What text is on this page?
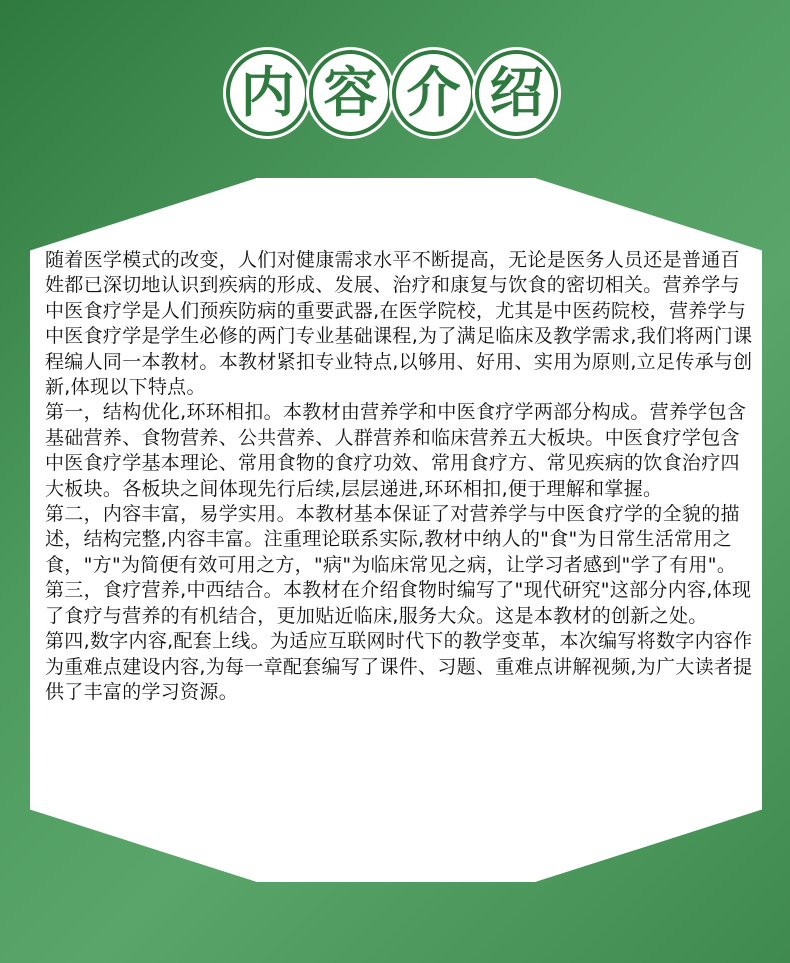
内 容 介 绍

随着医学模式的改变，人们对健康需求水平不断提高，无论是医务人员还是普通百姓都已深切地认识到疾病的形成、发展、治疗和康复与饮食的密切相关。营养学与中医食疗学是人们预疾防病的重要武器,在医学院校，尤其是中医药院校，营养学与中医食疗学是学生必修的两门专业基础课程,为了满足临床及教学需求,我们将两门课程编人同一本教材。本教材紧扣专业特点,以够用、好用、实用为原则,立足传承与创新,体现以下特点。

第一，结构优化,环环相扣。本教材由营养学和中医食疗学两部分构成。营养学包含基础营养、食物营养、公共营养、人群营养和临床营养五大板块。中医食疗学包含中医食疗学基本理论、常用食物的食疗功效、常用食疗方、常见疾病的饮食治疗四大板块。各板块之间体现先行后续,层层递进,环环相扣,便于理解和掌握。

第二，内容丰富，易学实用。本教材基本保证了对营养学与中医食疗学的全貌的描述，结构完整,内容丰富。注重理论联系实际,教材中纳人的"食"为日常生活常用之食，"方"为简便有效可用之方，"病"为临床常见之病，让学习者感到"学了有用"。

第三，食疗营养,中西结合。本教材在介绍食物时编写了"现代研究"这部分内容,体现了食疗与营养的有机结合，更加贴近临床,服务大众。这是本教材的创新之处。

第四,数字内容,配套上线。为适应互联网时代下的教学变革，本次编写将数字内容作为重难点建设内容,为每一章配套编写了课件、习题、重难点讲解视频,为广大读者提供了丰富的学习资源。
